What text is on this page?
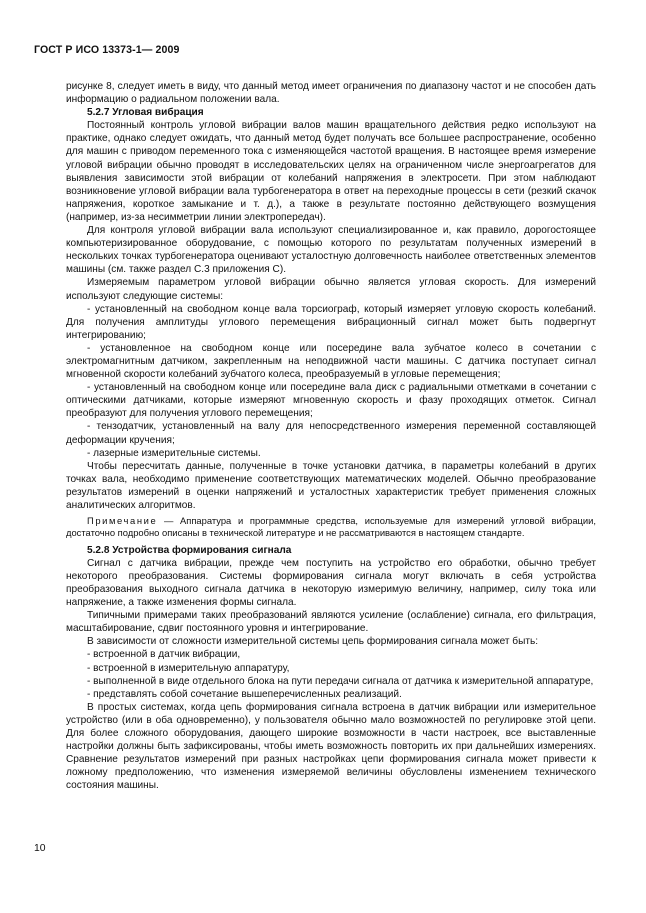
ГОСТ Р ИСО 13373-1— 2009

рисунке 8, следует иметь в виду, что данный метод имеет ограничения по диапазону частот и не способен дать информацию о радиальном положении вала.

5.2.7 Угловая вибрация

Постоянный контроль угловой вибрации валов машин вращательного действия редко используют на практике, однако следует ожидать, что данный метод будет получать все большее распространение, особенно для машин с приводом переменного тока с изменяющейся частотой вращения. В настоящее время измерение угловой вибрации обычно проводят в исследовательских целях на ограниченном числе энергоагрегатов для выявления зависимости этой вибрации от колебаний напряжения в электросети. При этом наблюдают возникновение угловой вибрации вала турбогенератора в ответ на переходные процессы в сети (резкий скачок напряжения, короткое замыкание и т. д.), а также в результате постоянно действующего возмущения (например, из-за несимметрии линии электропередач).

Для контроля угловой вибрации вала используют специализированное и, как правило, дорогостоящее компьютеризированное оборудование, с помощью которого по результатам полученных измерений в нескольких точках турбогенератора оценивают усталостную долговечность наиболее ответственных элементов машины (см. также раздел С.3 приложения С).

Измеряемым параметром угловой вибрации обычно является угловая скорость. Для измерений используют следующие системы:

- установленный на свободном конце вала торсиограф, который измеряет угловую скорость колебаний. Для получения амплитуды углового перемещения вибрационный сигнал может быть подвергнут интегрированию;

- установленное на свободном конце или посередине вала зубчатое колесо в сочетании с электромагнитным датчиком, закрепленным на неподвижной части машины. С датчика поступает сигнал мгновенной скорости колебаний зубчатого колеса, преобразуемый в угловые перемещения;

- установленный на свободном конце или посередине вала диск с радиальными отметками в сочетании с оптическими датчиками, которые измеряют мгновенную скорость и фазу проходящих отметок. Сигнал преобразуют для получения углового перемещения;

- тензодатчик, установленный на валу для непосредственного измерения переменной составляющей деформации кручения;

- лазерные измерительные системы.

Чтобы пересчитать данные, полученные в точке установки датчика, в параметры колебаний в других точках вала, необходимо применение соответствующих математических моделей. Обычно преобразование результатов измерений в оценки напряжений и усталостных характеристик требует применения сложных аналитических алгоритмов.

Примечание — Аппаратура и программные средства, используемые для измерений угловой вибрации, достаточно подробно описаны в технической литературе и не рассматриваются в настоящем стандарте.

5.2.8 Устройства формирования сигнала

Сигнал с датчика вибрации, прежде чем поступить на устройство его обработки, обычно требует некоторого преобразования. Системы формирования сигнала могут включать в себя устройства преобразования выходного сигнала датчика в некоторую измеримую величину, например, силу тока или напряжение, а также изменения формы сигнала.

Типичными примерами таких преобразований являются усиление (ослабление) сигнала, его фильтрация, масштабирование, сдвиг постоянного уровня и интегрирование.

В зависимости от сложности измерительной системы цепь формирования сигнала может быть:

- встроенной в датчик вибрации,

- встроенной в измерительную аппаратуру,

- выполненной в виде отдельного блока на пути передачи сигнала от датчика к измерительной аппаратуре,

- представлять собой сочетание вышеперечисленных реализаций.

В простых системах, когда цепь формирования сигнала встроена в датчик вибрации или измерительное устройство (или в оба одновременно), у пользователя обычно мало возможностей по регулировке этой цепи. Для более сложного оборудования, дающего широкие возможности в части настроек, все выставленные настройки должны быть зафиксированы, чтобы иметь возможность повторить их при дальнейших измерениях. Сравнение результатов измерений при разных настройках цепи формирования сигнала может привести к ложному предположению, что изменения измеряемой величины обусловлены изменением технического состояния машины.

10
